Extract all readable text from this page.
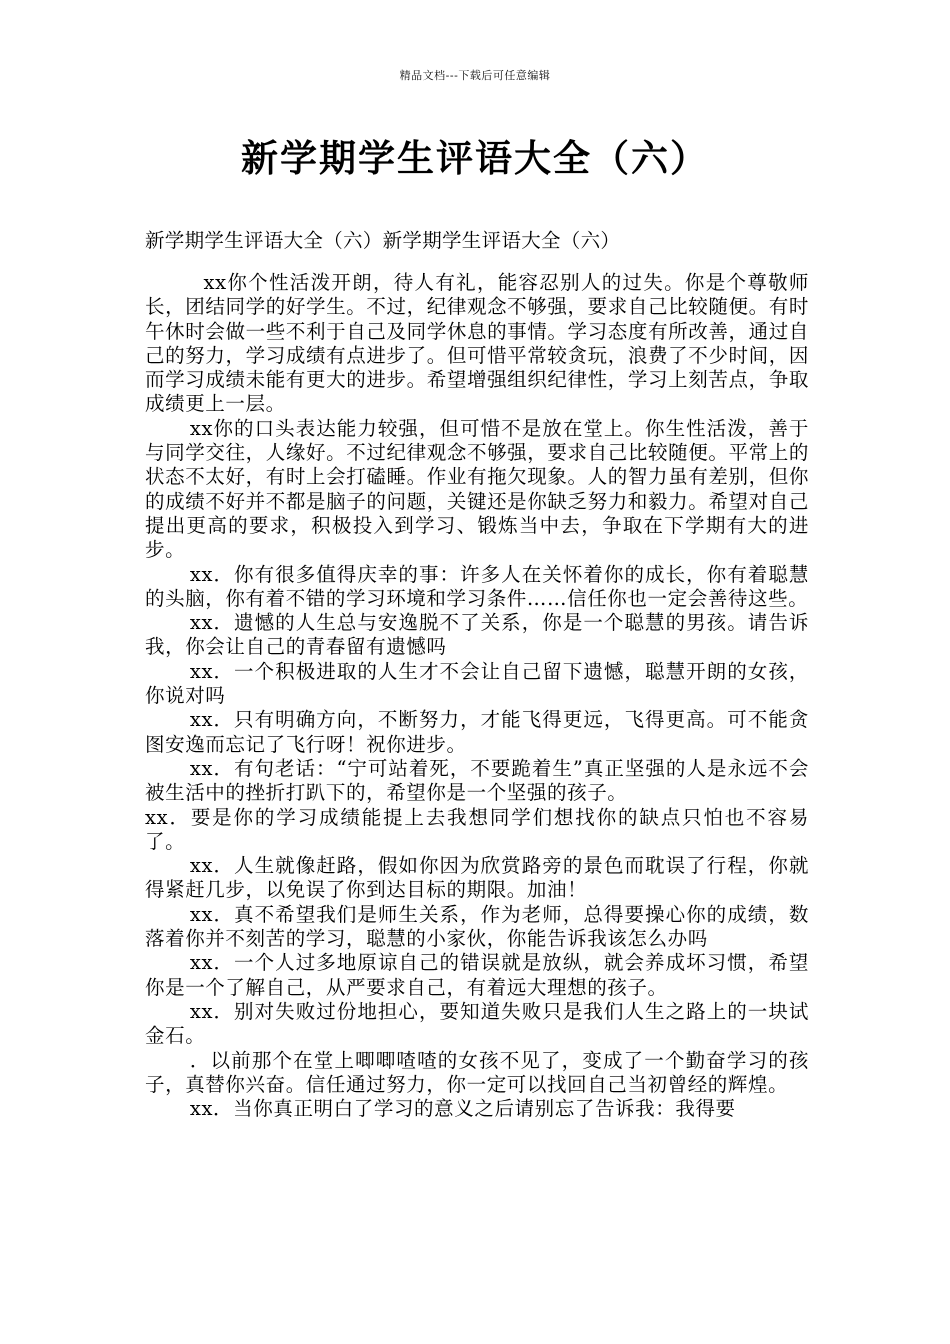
精品文档---下载后可任意编辑
新学期学生评语大全（六）
新学期学生评语大全（六）新学期学生评语大全（六）

xx你个性活泼开朗，待人有礼，能容忍别人的过失。你是个尊敬师长，团结同学的好学生。不过，纪律观念不够强，要求自己比较随便。有时午休时会做一些不利于自己及同学休息的事情。学习态度有所改善，通过自己的努力，学习成绩有点进步了。但可惜平常较贪玩，浪费了不少时间，因而学习成绩未能有更大的进步。希望增强组织纪律性，学习上刻苦点，争取成绩更上一层。

xx你的口头表达能力较强，但可惜不是放在堂上。你生性活泼，善于与同学交往，人缘好。不过纪律观念不够强，要求自己比较随便。平常上的状态不太好，有时上会打磕睡。作业有拖欠现象。人的智力虽有差别，但你的成绩不好并不都是脑子的问题，关键还是你缺乏努力和毅力。希望对自己提出更高的要求，积极投入到学习、锻炼当中去，争取在下学期有大的进步。

xx．你有很多值得庆幸的事：许多人在关怀着你的成长，你有着聪慧的头脑，你有着不错的学习环境和学习条件……信任你也一定会善待这些。

xx．遗憾的人生总与安逸脱不了关系，你是一个聪慧的男孩。请告诉我，你会让自己的青春留有遗憾吗

xx．一个积极进取的人生才不会让自己留下遗憾，聪慧开朗的女孩，你说对吗

xx．只有明确方向，不断努力，才能飞得更远，飞得更高。可不能贪图安逸而忘记了飞行呀！祝你进步。

xx．有句老话：“宁可站着死，不要跪着生”真正坚强的人是永远不会被生活中的挫折打趴下的，希望你是一个坚强的孩子。

xx．要是你的学习成绩能提上去我想同学们想找你的缺点只怕也不容易了。

xx．人生就像赶路，假如你因为欣赏路旁的景色而耽误了行程，你就得紧赶几步，以免误了你到达目标的期限。加油！

xx．真不希望我们是师生关系，作为老师，总得要操心你的成绩，数落着你并不刻苦的学习，聪慧的小家伙，你能告诉我该怎么办吗

xx．一个人过多地原谅自己的错误就是放纵，就会养成坏习惯，希望你是一个了解自己，从严要求自己，有着远大理想的孩子。

xx．别对失败过份地担心，要知道失败只是我们人生之路上的一块试金石。

．以前那个在堂上唧唧喳喳的女孩不见了，变成了一个勤奋学习的孩子，真替你兴奋。信任通过努力，你一定可以找回自己当初曾经的辉煌。

xx．当你真正明白了学习的意义之后请别忘了告诉我：我得要
